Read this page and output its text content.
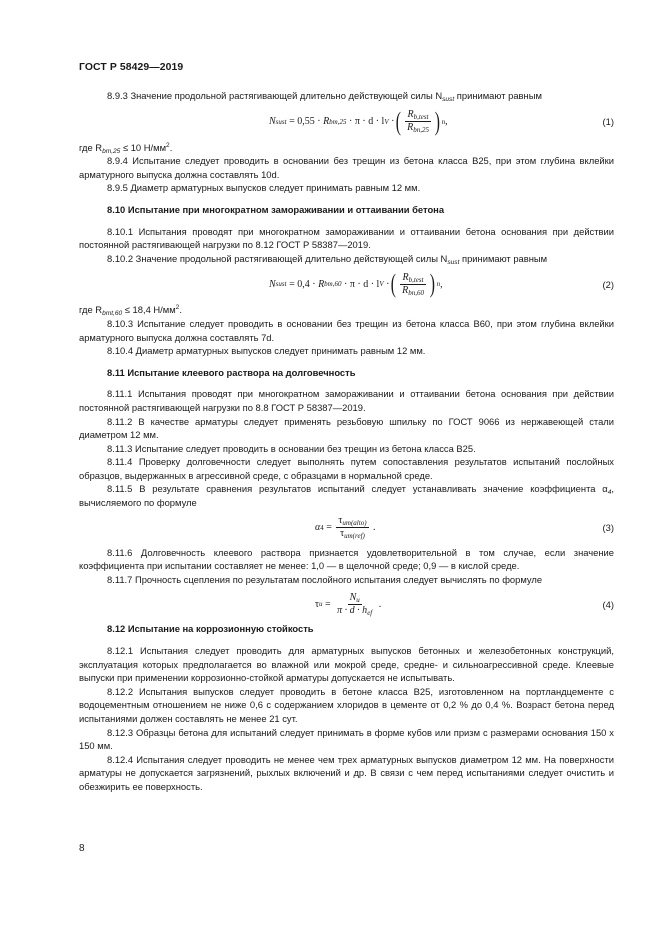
ГОСТ Р 58429—2019

8.9.3 Значение продольной растягивающей длительно действующей силы $N_{sust}$ принимают равным

N sust = 0,55 · R bm,25 · π · d · l V · ( $\frac{R_{b,test}}{R_{bn,25}}$ ) n ,	(1)

где $R_{bm,25} \le 10$ $Н/мм^2$.

8.9.4 Испытание следует проводить в основании без трещин из бетона класса В25, при этом глубина вклейки арматурного выпуска должна составлять 10d.

8.9.5 Диаметр арматурных выпусков следует принимать равным 12 мм.

8.10 Испытание при многократном замораживании и оттаивании бетона

8.10.1 Испытания проводят при многократном замораживании и оттаивании бетона основания при действии постоянной растягивающей нагрузки по 8.12 ГОСТ Р 58387—2019.

8.10.2 Значение продольной растягивающей длительно действующей силы $N_{sust}$ принимают равным

N sust = 0,4 · R bm,60 · π · d · l V · ( $\frac{R_{b,test}}{R_{bn,60}}$ ) n ,	(2)

где $R_{bmt,60} \le 18,4$ $Н/мм^2$.

8.10.3 Испытание следует проводить в основании без трещин из бетона класса В60, при этом глубина вклейки арматурного выпуска должна составлять 7d.

8.10.4 Диаметр арматурных выпусков следует принимать равным 12 мм.

8.11 Испытание клеевого раствора на долговечность

8.11.1 Испытания проводят при многократном замораживании и оттаивании бетона основания при действии постоянной растягивающей нагрузки по 8.8 ГОСТ Р 58387—2019.

8.11.2 В качестве арматуры следует применять резьбовую шпильку по ГОСТ 9066 из нержавеющей стали диаметром 12 мм.

8.11.3 Испытание следует проводить в основании без трещин из бетона класса В25.

8.11.4 Проверку долговечности следует выполнять путем сопоставления результатов испытаний послойных образцов, выдержанных в агрессивной среде, с образцами в нормальной среде.

8.11.5 В результате сравнения результатов испытаний следует устанавливать значение коэффициента $\alpha_4$, вычисляемого по формуле

α $4 = \frac{\tau_{um(alto)}}{\tau_{um(ref)}}$ .	(3)

8.11.6 Долговечность клеевого раствора признается удовлетворительной в том случае, если значение коэффициента при испытании составляет не менее: 1,0 — в щелочной среде; 0,9 — в кислой среде.

8.11.7 Прочность сцепления по результатам послойного испытания следует вычислять по формуле

τ $u = \frac{N_u}{\pi \cdot d \cdot h_{ef}}$ .	(4)

8.12 Испытание на коррозионную стойкость

8.12.1 Испытания следует проводить для арматурных выпусков бетонных и железобетонных конструкций, эксплуатация которых предполагается во влажной или мокрой среде, средне- и сильноагрессивной среде. Клеевые выпуски при применении коррозионно-стойкой арматуры допускается не испытывать.

8.12.2 Испытания выпусков следует проводить в бетоне класса В25, изготовленном на портландцементе с водоцементным отношением не ниже 0,6 с содержанием хлоридов в цементе от 0,2 % до 0,4 %. Возраст бетона перед испытаниями должен составлять не менее 21 сут.

8.12.3 Образцы бетона для испытаний следует принимать в форме кубов или призм с размерами основания 150 х 150 мм.

8.12.4 Испытания следует проводить не менее чем трех арматурных выпусков диаметром 12 мм. На поверхности арматуры не допускается загрязнений, рыхлых включений и др. В связи с чем перед испытаниями следует очистить и обезжирить ее поверхность.

8
